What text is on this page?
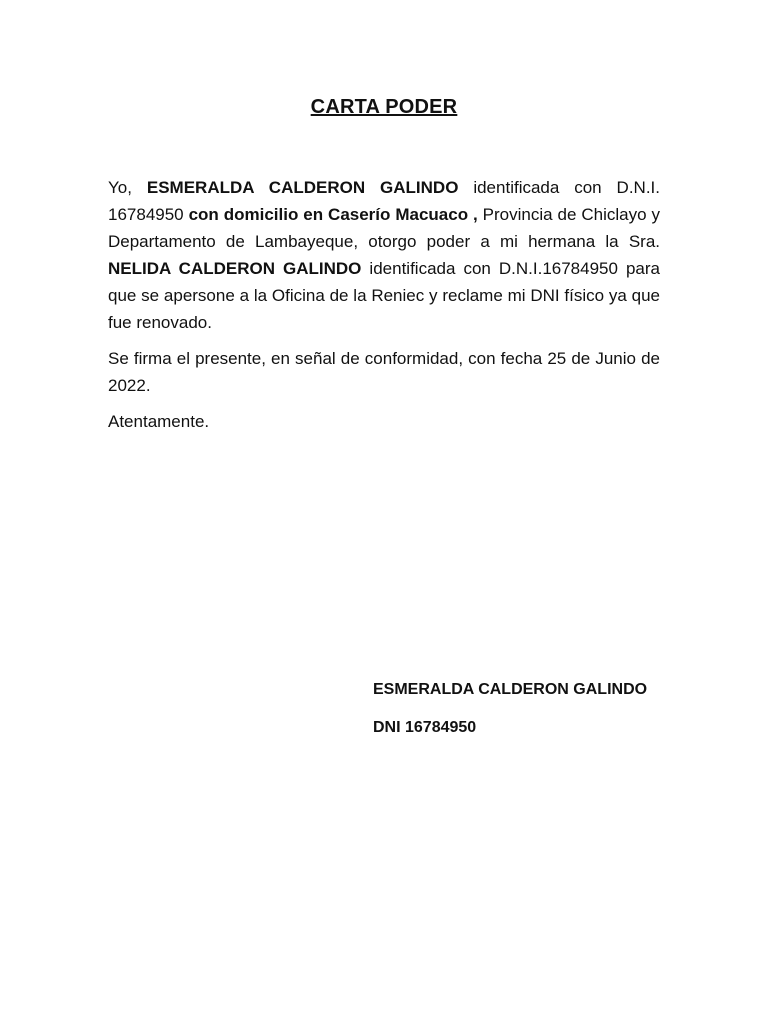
CARTA PODER

Yo, ESMERALDA CALDERON GALINDO identificada con D.N.I. 16784950 con domicilio en Caserío Macuaco , Provincia de Chiclayo y Departamento de Lambayeque, otorgo poder a mi hermana la Sra. NELIDA CALDERON GALINDO identificada con D.N.I.16784950 para que se apersone a la Oficina de la Reniec y reclame mi DNI físico ya que fue renovado.

Se firma el presente, en señal de conformidad, con fecha 25 de Junio de 2022.

Atentamente.

ESMERALDA CALDERON GALINDO
DNI 16784950
